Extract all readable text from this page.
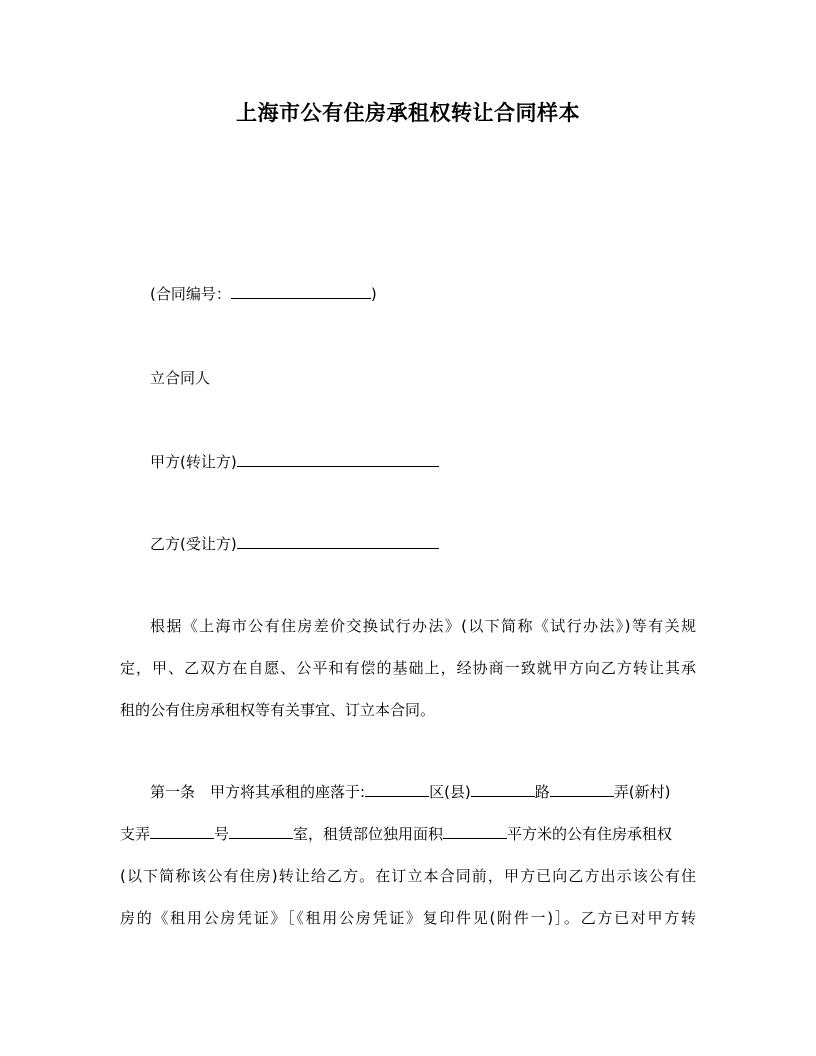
上海市公有住房承租权转让合同样本
(合同编号：	)
立合同人
甲方(转让方)
乙方(受让方)
根据《上海市公有住房差价交换试行办法》(以下简称《试行办法》)等有关规
定，甲、乙双方在自愿、公平和有偿的基础上，经协商一致就甲方向乙方转让其承
租的公有住房承租权等有关事宜、订立本合同。
第一条　甲方将其承租的座落于:	区(县)	路	弄(新村)
支弄	号	室，租赁部位独用面积	平方米的公有住房承租权
(以下简称该公有住房)转让给乙方。在订立本合同前，甲方已向乙方出示该公有住
房的《租用公房凭证》［《租用公房凭证》复印件见(附件一)］。乙方已对甲方转
